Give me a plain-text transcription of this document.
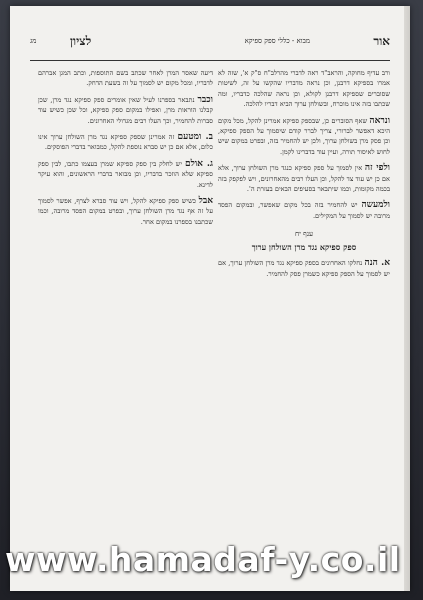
אור
מבוא - כללי ספק ספיקא
לציון
מג

ורב עדיף מחוקה, והראב"ד ראה לדברי מהרלב"ח ס"ק א', שזה לא אמרו בספיקא דרבנן, וכן נראה מדבריו שהקשו על זה, לשיטות שסוברים שספיקא דרבנן לקולא, וכן נראה שהלכה כדבריו, ומה שכתבו בזה אינו מוכרח, ובשולחן ערוך הביא דבריו להלכה.

ונראה שאף הסוברים כן, שבספק ספיקא אמרינן להקל, מכל מקום היכא דאפשר לברורי, צריך לברר קודם שיסמוך על הספק ספיקא, וכן פסק מרן בשולחן ערוך, ולכן יש להחמיר בזה, ובפרט במקום שיש לחוש לאיסור תורה, ועיין עוד בדברינו לקמן.

ולפי זה אין לסמוך על ספק ספיקא כנגד מרן השולחן ערוך, אלא אם כן יש עוד צד להקל, וכן העלו רבים מהאחרונים, ויש לפקפק בזה בכמה מקומות, וכמו שיתבאר בסעיפים הבאים בעזרת ה'.

ולמעשה יש להחמיר בזה בכל מקום שאפשר, ובמקום הפסד מרובה יש לסמוך על המקילים.

ענף יח
ספק ספיקא נגד מרן השולחן ערוך

א. הנה נחלקו האחרונים בספק ספיקא נגד מרן השולחן ערוך, אם יש לסמוך על הספק ספיקא כשמרן פסק להחמיר.

דיעה שאסר המרן לאחר שכתב בשם התוספות, וכתב המגן אברהם לדבריו, ומכל מקום יש לסמוך על זה בשעת הדחק.

וכבר נתבאר בספרנו לעיל שאין אומרים ספק ספיקא נגד מרן, שכן קבלנו הוראות מרן, ואפילו במקום ספק ספיקא, וכל שכן כשיש עוד סברות להחמיר, וכך העלו רבים מגדולי האחרונים.

ב. ומטעם זה אמרינן שספק ספיקא נגד מרן השולחן ערוך אינו כלום, אלא אם כן יש סברא נוספת להקל, כמבואר בדברי הפוסקים.

ג. אולם יש לחלק בין ספק ספיקא שמרן בעצמו כתבו, לבין ספק ספיקא שלא הוזכר בדבריו, וכן מבואר בדברי הראשונים, והוא עיקר לדינא.

אבל כשיש ספק ספיקא להקל, ויש עוד סברא לצרף, אפשר לסמוך על זה אף נגד מרן השולחן ערוך, ובפרט במקום הפסד מרובה, וכמו שכתבנו בספרנו במקום אחר.

www.hamadaf-y.co.il
